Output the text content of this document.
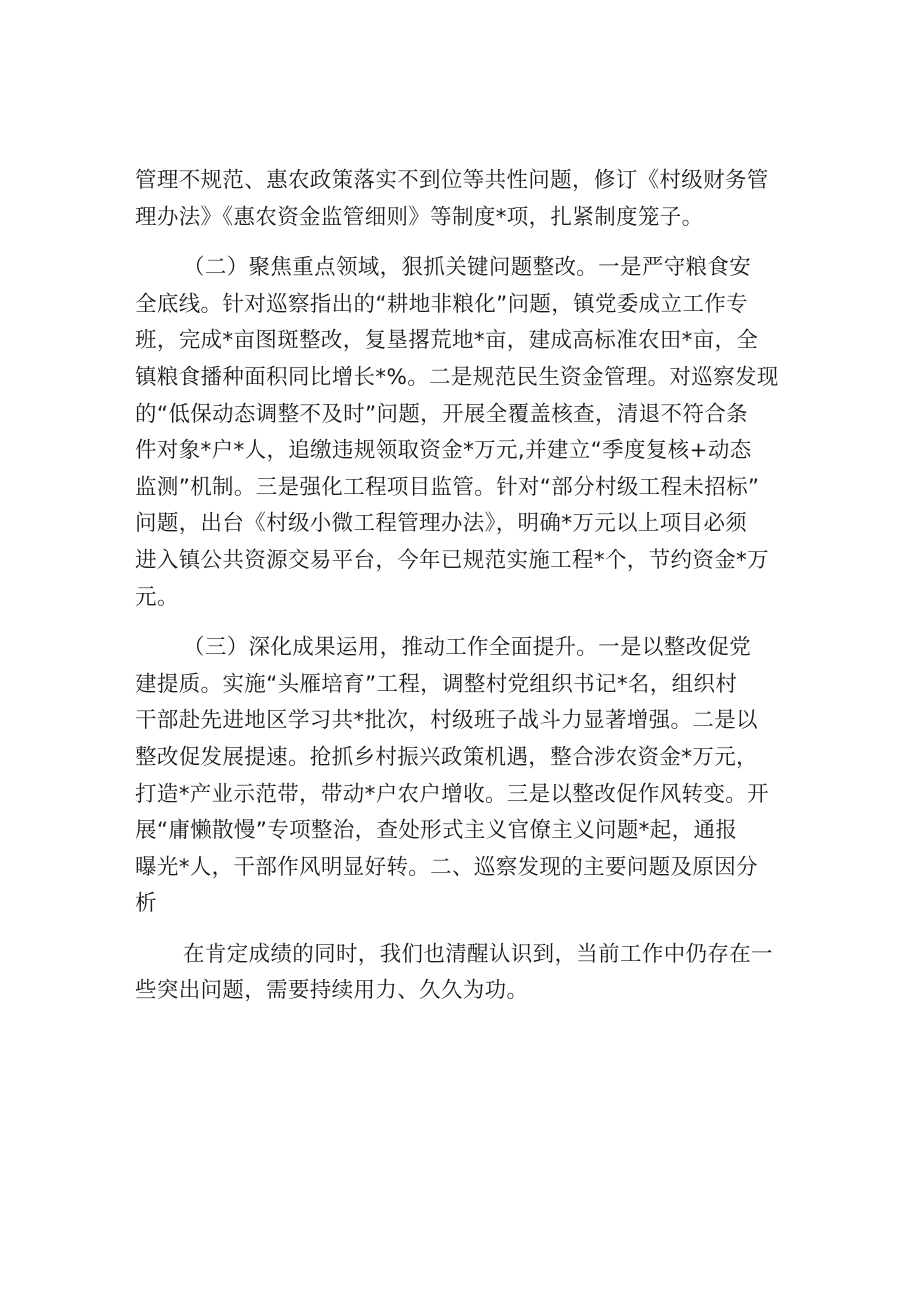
管理不规范、惠农政策落实不到位等共性问题，修订《村级财务管
理办法》《惠农资金监管细则》等制度*项，扎紧制度笼子。
（二）聚焦重点领域，狠抓关键问题整改。一是严守粮食安
全底线。针对巡察指出的“耕地非粮化”问题，镇党委成立工作专
班，完成*亩图斑整改，复垦撂荒地*亩，建成高标准农田*亩，全
镇粮食播种面积同比增长*%。二是规范民生资金管理。对巡察发现
的“低保动态调整不及时”问题，开展全覆盖核查，清退不符合条
件对象*户*人，追缴违规领取资金*万元,并建立“季度复核+动态
监测”机制。三是强化工程项目监管。针对“部分村级工程未招标”
问题，出台《村级小微工程管理办法》，明确*万元以上项目必须
进入镇公共资源交易平台，今年已规范实施工程*个，节约资金*万
元。
（三）深化成果运用，推动工作全面提升。一是以整改促党
建提质。实施“头雁培育”工程，调整村党组织书记*名，组织村
干部赴先进地区学习共*批次，村级班子战斗力显著增强。二是以
整改促发展提速。抢抓乡村振兴政策机遇，整合涉农资金*万元，
打造*产业示范带，带动*户农户增收。三是以整改促作风转变。开
展“庸懒散慢”专项整治，查处形式主义官僚主义问题*起，通报
曝光*人，干部作风明显好转。二、巡察发现的主要问题及原因分
析
在肯定成绩的同时，我们也清醒认识到，当前工作中仍存在一
些突出问题，需要持续用力、久久为功。
